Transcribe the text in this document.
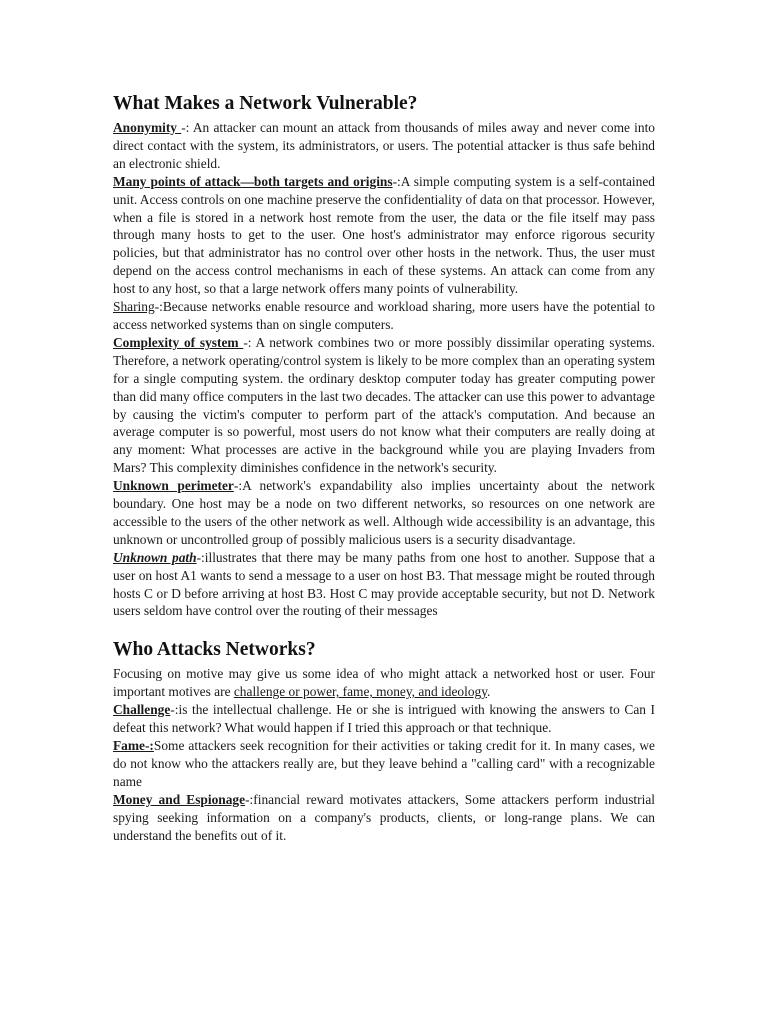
What Makes a Network Vulnerable?

Anonymity -: An attacker can mount an attack from thousands of miles away and never come into direct contact with the system, its administrators, or users. The potential attacker is thus safe behind an electronic shield.

Many points of attack—both targets and origins-:A simple computing system is a self-contained unit. Access controls on one machine preserve the confidentiality of data on that processor. However, when a file is stored in a network host remote from the user, the data or the file itself may pass through many hosts to get to the user. One host's administrator may enforce rigorous security policies, but that administrator has no control over other hosts in the network. Thus, the user must depend on the access control mechanisms in each of these systems. An attack can come from any host to any host, so that a large network offers many points of vulnerability.

Sharing-:Because networks enable resource and workload sharing, more users have the potential to access networked systems than on single computers.

Complexity of system -: A network combines two or more possibly dissimilar operating systems. Therefore, a network operating/control system is likely to be more complex than an operating system for a single computing system. the ordinary desktop computer today has greater computing power than did many office computers in the last two decades. The attacker can use this power to advantage by causing the victim's computer to perform part of the attack's computation. And because an average computer is so powerful, most users do not know what their computers are really doing at any moment: What processes are active in the background while you are playing Invaders from Mars? This complexity diminishes confidence in the network's security.

Unknown perimeter-:A network's expandability also implies uncertainty about the network boundary. One host may be a node on two different networks, so resources on one network are accessible to the users of the other network as well. Although wide accessibility is an advantage, this unknown or uncontrolled group of possibly malicious users is a security disadvantage.

Unknown path-:illustrates that there may be many paths from one host to another. Suppose that a user on host A1 wants to send a message to a user on host B3. That message might be routed through hosts C or D before arriving at host B3. Host C may provide acceptable security, but not D. Network users seldom have control over the routing of their messages

Who Attacks Networks?

Focusing on motive may give us some idea of who might attack a networked host or user. Four important motives are challenge or power, fame, money, and ideology.

Challenge-:is the intellectual challenge. He or she is intrigued with knowing the answers to Can I defeat this network? What would happen if I tried this approach or that technique.

Fame-:Some attackers seek recognition for their activities or taking credit for it. In many cases, we do not know who the attackers really are, but they leave behind a "calling card" with a recognizable name

Money and Espionage-:financial reward motivates attackers, Some attackers perform industrial spying seeking information on a company's products, clients, or long-range plans. We can understand the benefits out of it.
